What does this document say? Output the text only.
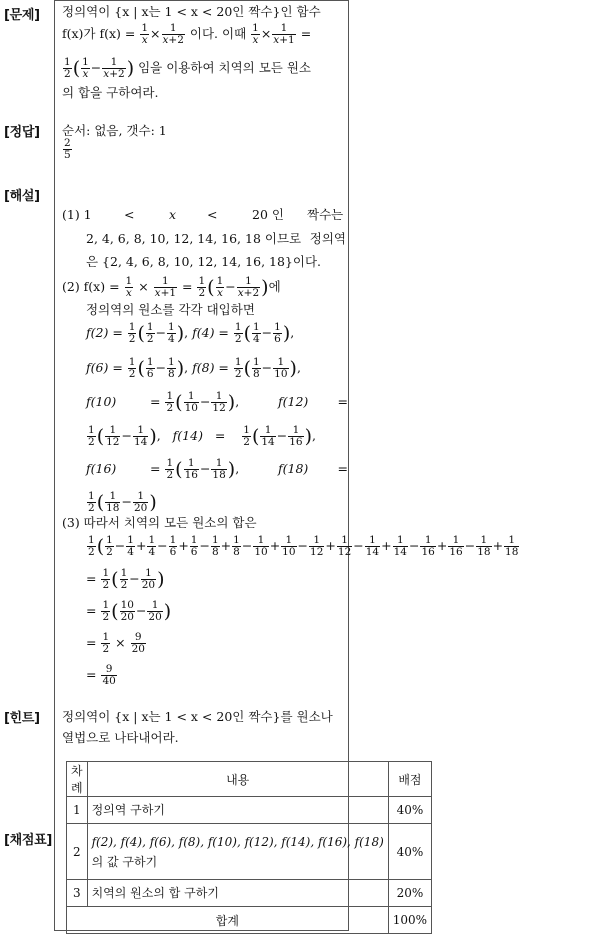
[문제]
[정답]
[해설]
[힌트]
[채점표]
정의역이 {x | x는 1 < x < 20인 짝수}인 함수
f(x)가 $f(x) = \frac{1}{x} \times \frac{1}{x+2}$ 이다. 이때 $\frac{1}{x} \times \frac{1}{x+1}$ =
$\frac{1}{2}$ ( $\frac{1}{x} - \frac{1}{x+2}$ ) 임을 이용하여 치역의 모든 원소
의 합을 구하여라.
순서: 없음, 갯수: 1
$\frac{2}{5}$
(1) 1	<	x <	20 인 짝수는
2, 4, 6, 8, 10, 12, 14, 16, 18 이므로 정의역
은 {2, 4, 6, 8, 10, 12, 14, 16, 18}이다.
(2) $f(x) = \frac{1}{x} \times \frac{1}{x+1} = \frac{1}{2}$ ( $\frac{1}{x} - \frac{1}{x+2}$ )에
정의역의 원소를 각각 대입하면
$f(2) = \frac{1}{2}$ ( $\frac{1}{2} - \frac{1}{4}$ ), $f(4) = \frac{1}{2}$ ( $\frac{1}{4} - \frac{1}{6}$ ),
$f(6) = \frac{1}{2}$ ( $\frac{1}{6} - \frac{1}{8}$ ), $f(8) = \frac{1}{2}$ ( $\frac{1}{8} - \frac{1}{10}$ ),
f(10)	= $\frac{1}{2}$ ( $\frac{1}{10} - \frac{1}{12}$ ),	f(12) =
$\frac{1}{2}$ ( $\frac{1}{12} - \frac{1}{14}$ ),   $f(14) = \frac{1}{2}$ ( $\frac{1}{14} - \frac{1}{16}$ ),
f(16)	= $\frac{1}{2}$ ( $\frac{1}{16} - \frac{1}{18}$ ),	f(18) =
$\frac{1}{2}$ ( $\frac{1}{18} - \frac{1}{20}$ )
(3) 따라서 치역의 모든 원소의 합은
$\frac{1}{2}$ ( $\frac{1}{2} - \frac{1}{4} + \frac{1}{4} - \frac{1}{6} + \frac{1}{6} - \frac{1}{8} + \frac{1}{8} - \frac{1}{10} + \frac{1}{10} - \frac{1}{12} + \frac{1}{12} - \frac{1}{14} + \frac{1}{14} - \frac{1}{16} + \frac{1}{16} - \frac{1}{18} + \frac{1}{18}$
= $\frac{1}{2}$ ( $\frac{1}{2} - \frac{1}{20}$ )
= $\frac{1}{2}$ ( $\frac{10}{20} - \frac{1}{20}$ )
= $\frac{1}{2} \times \frac{9}{20}$
= $\frac{9}{40}$
정의역이 {x | x는 1 < x < 20인 짝수}를 원소나
열법으로 나타내어라.
차례	내용	배점
1	정의역 구하기	40%
2	f(2), f(4), f(6), f(8), f(10), f(12), f(14), f(16), f(18)
의 값 구하기	40%
3	치역의 원소의 합 구하기	20%
합계		100%
